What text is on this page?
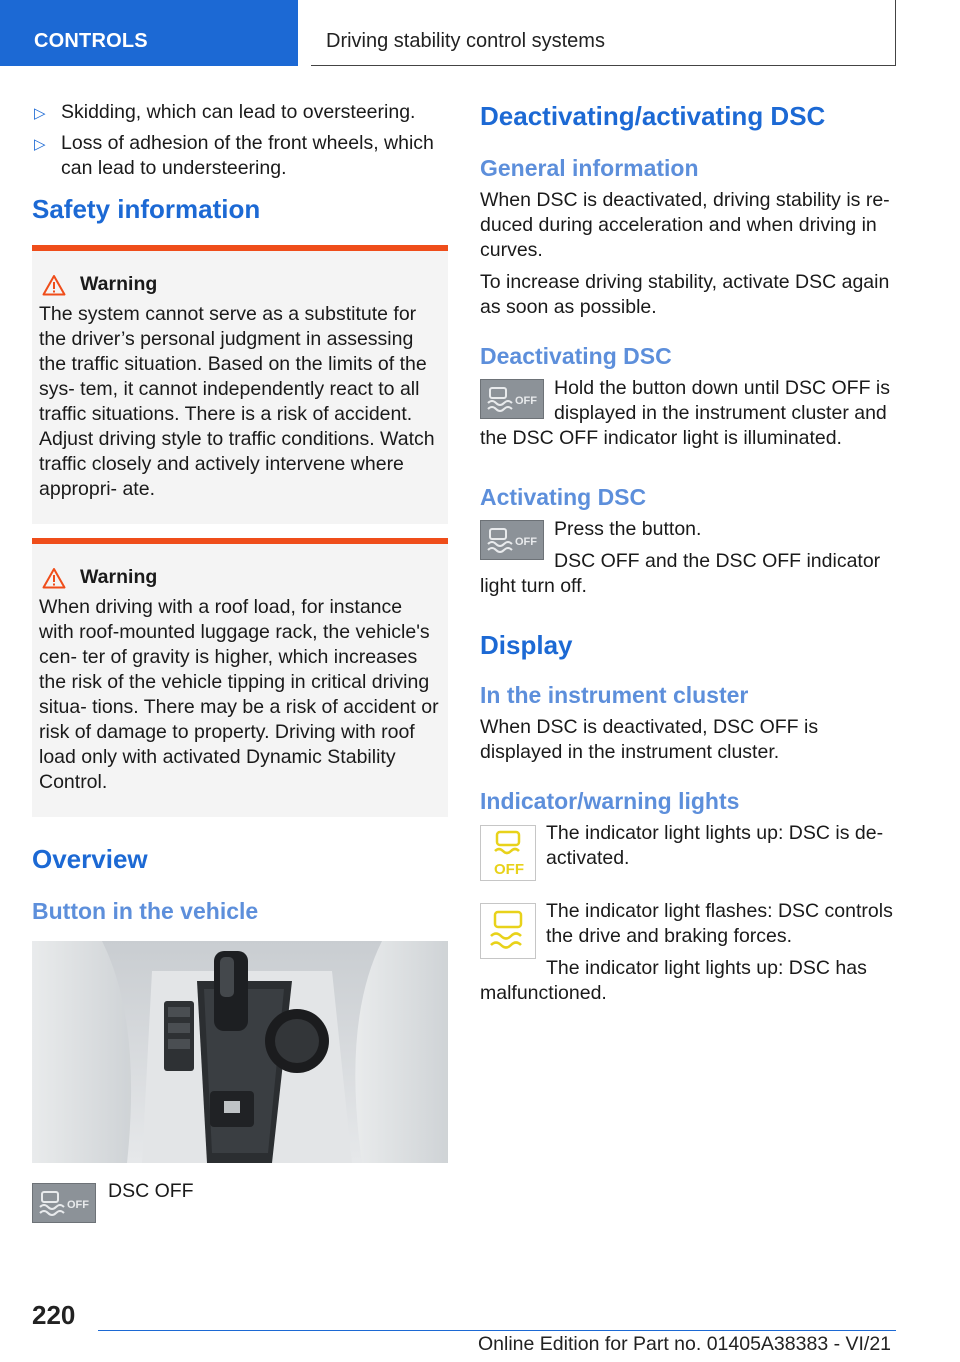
CONTROLS	Driving stability control systems
▷ Skidding, which can lead to oversteering.
▷ Loss of adhesion of the front wheels, which can lead to understeering.
Safety information
Warning
The system cannot serve as a substitute for the driver’s personal judgment in assessing the traffic situation. Based on the limits of the sys‐ tem, it cannot independently react to all traffic situations. There is a risk of accident. Adjust driving style to traffic conditions. Watch traffic closely and actively intervene where appropri‐ ate.
Warning
When driving with a roof load, for instance with roof-mounted luggage rack, the vehicle's cen‐ ter of gravity is higher, which increases the risk of the vehicle tipping in critical driving situa‐ tions. There may be a risk of accident or risk of damage to property. Driving with roof load only with activated Dynamic Stability Control.
Overview
Button in the vehicle
OFF
DSC OFF
Deactivating/activating DSC
General information
When DSC is deactivated, driving stability is re‐ duced during acceleration and when driving in curves.
To increase driving stability, activate DSC again as soon as possible.
Deactivating DSC
OFF
Hold the button down until DSC OFF is displayed in the instrument cluster and the DSC OFF indicator light is illuminated.
Activating DSC
OFF
Press the button.
DSC OFF and the DSC OFF indicator light turn off.
Display
In the instrument cluster
When DSC is deactivated, DSC OFF is displayed in the instrument cluster.
Indicator/warning lights
OFF
The indicator light lights up: DSC is de‐ activated.
The indicator light flashes: DSC controls the drive and braking forces.
The indicator light lights up: DSC has malfunctioned.
220
Online Edition for Part no. 01405A38383 - VI/21
